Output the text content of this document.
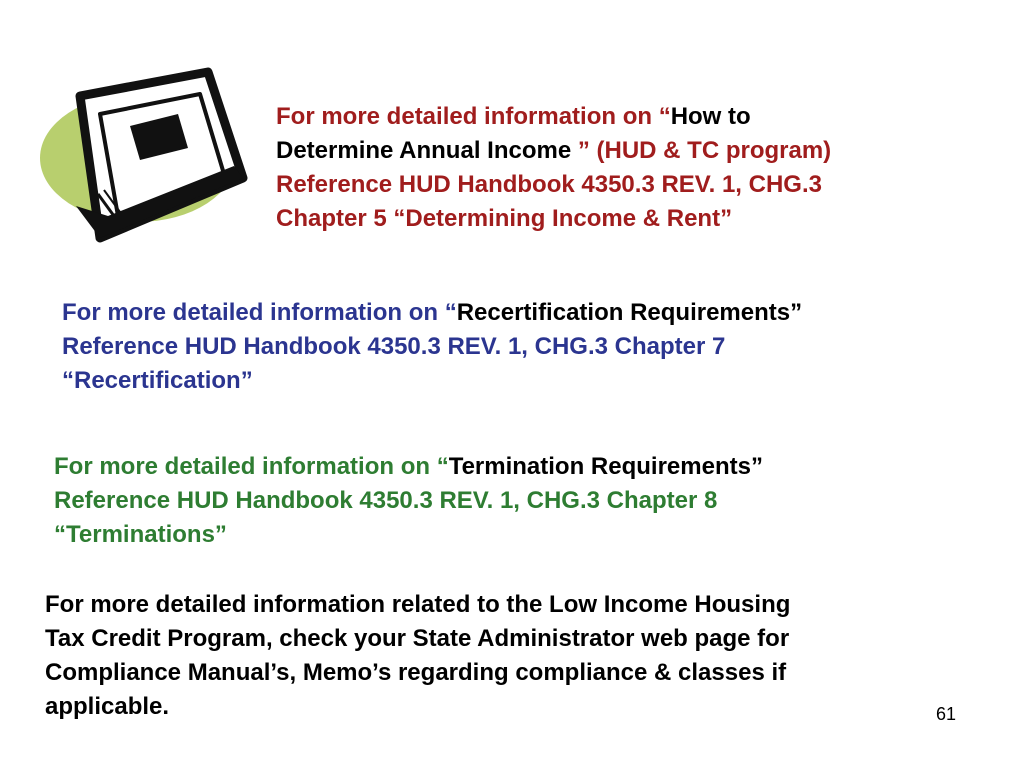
For more detailed information on “How to
Determine Annual Income ” (HUD & TC program)
Reference HUD Handbook 4350.3 REV. 1, CHG.3
Chapter 5 “Determining Income & Rent”
For more detailed information on “Recertification Requirements”
Reference HUD Handbook 4350.3 REV. 1, CHG.3 Chapter 7
“Recertification”
For more detailed information on “Termination Requirements”
Reference HUD Handbook 4350.3 REV. 1, CHG.3 Chapter 8
“Terminations”
For more detailed information related to the Low Income Housing
Tax Credit Program, check your State Administrator web page for
Compliance Manual’s, Memo’s regarding compliance & classes if
applicable.	61
